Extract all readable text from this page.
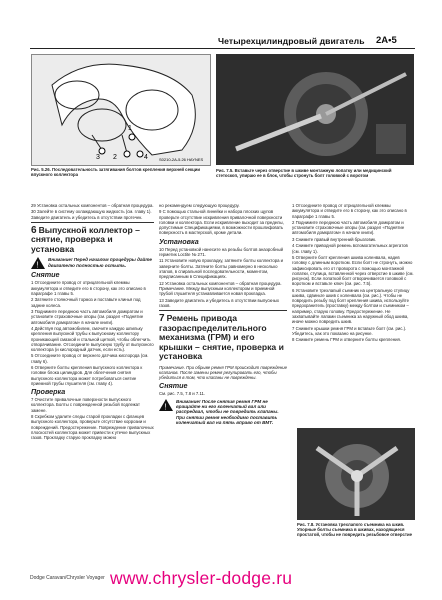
Четырехцилиндровый двигатель 2A•5
3
1
2	4	S0210-2A-5.26 HAYNES
Рис. 5.26. Последовательность затягивания болтов крепления верхней секции впускного коллектора
Рис. 7.5. Вставьте через отверстие в шкиве монтажную лопатку или медицинский стетоскоп, упираю ее в блок, чтобы стронуть болт головкой с воротом

29 Установка остальных компонентов – обратная процедура.

30 Залейте в систему охлаждающую жидкость (см. главу 1). Заведите двигатель и убедитесь в отсутствии протечек.

6 Выпускной коллектор – снятие, проверка и установка
!
Внимание! Перед началом процедуры дайте двигателю полностью остыть.
Снятие

1 Отсоедините провод от отрицательной клеммы аккумулятора и отведите его в сторону, как это описано в параграфе 1 главы 5.

2 Затяните стояночный тормоз и поставьте клинья под задние колеса.

3 Поднимите переднюю часть автомобиля домкратом и установите страховочные опоры (см. раздел «Поднятие автомобиля домкратом» в начале книги).

4 Действуя под автомобилем, смочите каждую шпильку крепления выпускной трубы к выпускному коллектору проникающей смазкой и стальной щеткой, чтобы облегчить отворачивание. Отсоедините выпускную трубу от выпускного коллектора (и кислородный датчик, если есть).

5 Отсоедините провод от верхнего датчика кислорода (см. главу 6).

6 Отверните болты крепления выпускного коллектора к головке блока цилиндров. Для облегчения снятия выпускного коллектора может потребоваться снятие приемной трубы глушителя (см. главу 4).

Проверка

7 Очистите привалочные поверхности выпускного коллектора. Болты с поврежденной резьбой подлежат замене.

8 Скребком удалите следы старой прокладки с фланцев выпускного коллектора, проверьте отсутствие коррозии и повреждений. Предостережение. Повреждение привалочных плоскостей коллектора может привести к утечке выпускных газов. Прокладку старую прокладку можно

но рекомендуем следующую процедуру.

9 С помощью стальной линейки и набора плоских щупов проверьте отсутствие искривления привалочной поверхности головки и коллектора. Если искривление выходит за пределы, допустимые Спецификациями, в возможности прошлифовать поверхность в мастерской, кроме детали.

Установка

10 Перед установкой нанесите на резьбы болтов анаэробный герметик Loctite № 271.

11 Установите новую прокладку, затяните болты коллектора и заверните болты. Затяните болты равномерно в несколько этапов, в спиральной последовательности, моментом, предписанным в Спецификациях.

12 Установка остальных компонентов – обратная процедура. Примечание. Между выпускным коллектором и приемной трубой глушителя устанавливается новая прокладка.

13 Заведите двигатель и убедитесь в отсутствии выпускных газов.

7 Ремень привода газораспределительного механизма (ГРМ) и его крышки – снятие, проверка и установка

Примечание. При обрыве ремня ГРМ происходит повреждение клапанов. После замены ремня регулировать его, чтобы убедиться в том, что клапаны не повреждены.

Снятие

См. рис. 7.5, 7.8 и 7.11.

!
Внимание! После снятия ремня ГРМ не вращайте ни его коленчатый вал или распредвал, чтобы не повредить клапаны. При снятии ремня необходимо поставить коленчатый вал на пять вправо от ВМТ.

1 Отсоедините провод от отрицательной клеммы аккумулятора и отведите его в сторону, как это описано в параграфе 1 главы 5.

2 Поднимите переднюю часть автомобиля домкратом и установите страховочные опоры (см. раздел «Поднятие автомобиля домкратом» в начале книги).

3 Снимите правый внутренний брызговик.

4 Снимите приводной ремень вспомогательных агрегатов (см. главу 1).

5 Отверните болт крепления шкива коленвала, надев головку с длинным воротком. Если болт не стронуть, можно зафиксировать его от проворота с помощью монтажной лопатки, ступица, вставленной через отверстие в шкиве (см. рисунок). Если лопаткой болт отворачивается головкой с воротком и вставьте ключ (см. рис. 7.5).

6 Установите трехлапый съемник на центральную ступицу шкива, сдвиньте шкив с коленвала (см. рис.). Чтобы не повредить резьбу под болт крепления шкива, используйте предохранитель (проставку) между болтом и съемником – например, старую головку. Предостережение. Не захватывайте лапами съемника за наружный обод шкива, иначе можно повредить шкив.

7 Снимите крышки ремня ГРМ и вставьте болт (см. рис.). Убедитесь, как это показано на рисунке.

8 Снимите ремень ГРМ и отверните болты крепления.

Рис. 7.8. Установка трехлапого съемника на шкив. Упорные болты съемника в шкивах, находящиеся простатой, чтобы не повредить резьбовое отверстие
Dodge Caravan/Chrysler Voyager www.chrysler-dodge.ru
